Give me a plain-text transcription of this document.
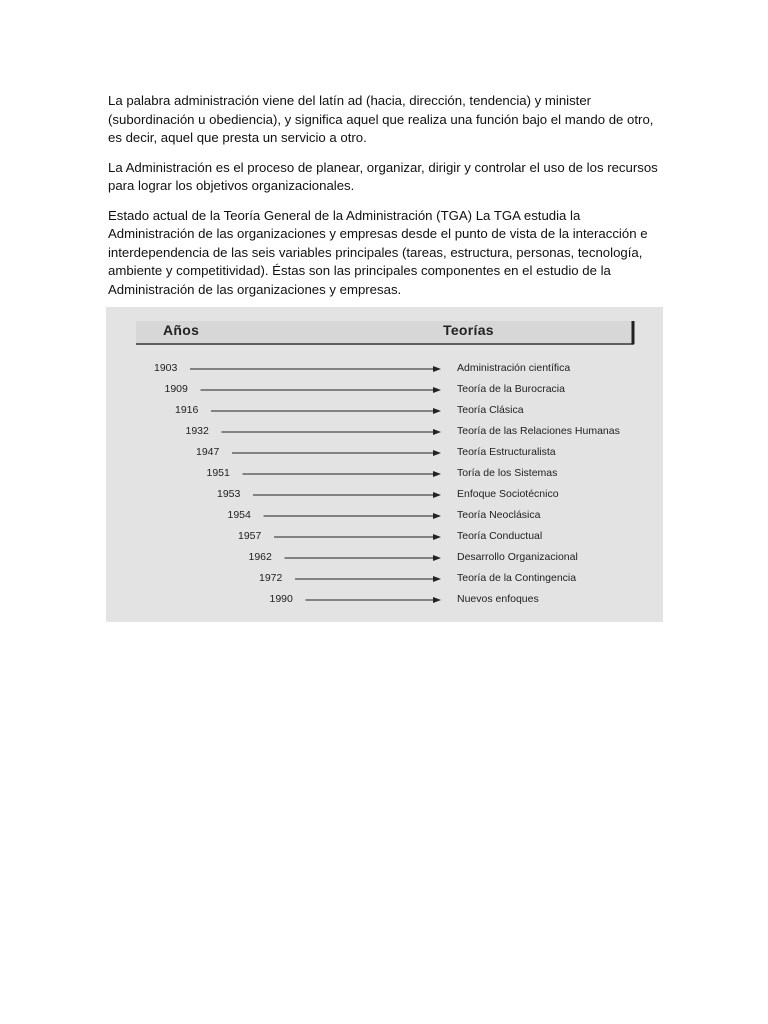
La palabra administración viene del latín ad (hacia, dirección, tendencia) y minister (subordinación u obediencia), y significa aquel que realiza una función bajo el mando de otro, es decir, aquel que presta un servicio a otro.

La Administración es el proceso de planear, organizar, dirigir y controlar el uso de los recursos para lograr los objetivos organizacionales.

Estado actual de la Teoría General de la Administración (TGA) La TGA estudia la Administración de las organizaciones y empresas desde el punto de vista de la interacción e interdependencia de las seis variables principales (tareas, estructura, personas, tecnología, ambiente y competitividad). Éstas son las principales componentes en el estudio de la Administración de las organizaciones y empresas.

Años	Teorías
1903	Administración científica
1909	Teoría de la Burocracia
1916	Teoría Clásica
1932	Teoría de las Relaciones Humanas
1947	Teoría Estructuralista
1951	Toría de los Sistemas
1953	Enfoque Sociotécnico
1954	Teoría Neoclásica
1957	Teoría Conductual
1962	Desarrollo Organizacional
1972	Teoría de la Contingencia
1990	Nuevos enfoques
